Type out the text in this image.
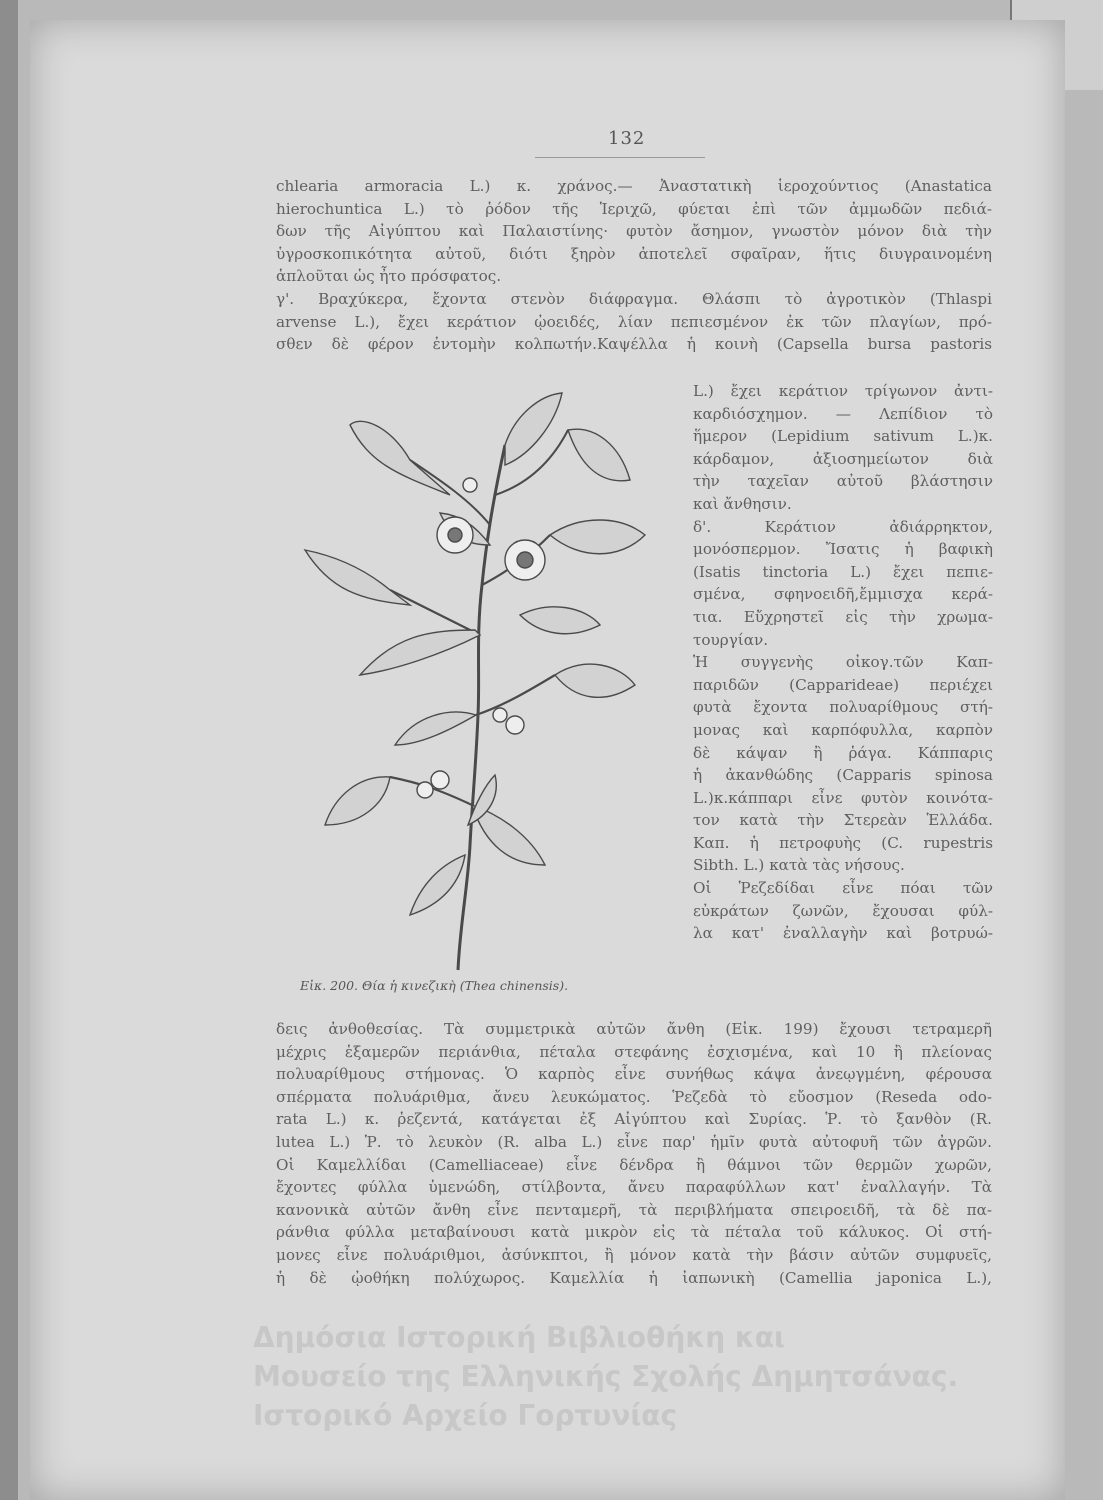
132
chlearia armoracia L.) κ. χράνος.— Ἀναστατικὴ ἱεροχούντιος (Anastatica
hierochuntica L.) τὸ ῥόδον τῆς Ἱεριχῶ, φύεται ἐπὶ τῶν ἀμμωδῶν πεδιά-
δων τῆς Αἰγύπτου καὶ Παλαιστίνης· φυτὸν ἄσημον, γνωστὸν μόνον διὰ τὴν
ὑγροσκοπικότητα αὐτοῦ, διότι ξηρὸν ἀποτελεῖ σφαῖραν, ἥτις διυγραινομένη
ἁπλοῦται ὡς ἦτο πρόσφατος.
γ'. Βραχύκερα, ἔχοντα στενὸν διάφραγμα. Θλάσπι τὸ ἀγροτικὸν (Thlaspi
arvense L.), ἔχει κεράτιον ᾠοειδές, λίαν πεπιεσμένον ἐκ τῶν πλαγίων, πρό-
σθεν δὲ φέρον ἐντομὴν κολπωτήν.Καψέλλα ἡ κοινὴ (Capsella bursa pastoris
L.) ἔχει κεράτιον τρίγωνον ἀντι-
καρδιόσχημον. — Λεπίδιον τὸ
ἥμερον (Lepidium sativum L.)κ.
κάρδαμον, ἀξιοσημείωτον διὰ
τὴν ταχεῖαν αὐτοῦ βλάστησιν
καὶ ἄνθησιν.
δ'. Κεράτιον ἀδιάρρηκτον,
μονόσπερμον. Ἴσατις ἡ βαφικὴ
(Isatis tinctoria L.) ἔχει πεπιε-
σμένα, σφηνοειδῆ,ἔμμισχα κερά-
τια. Εὔχρηστεῖ εἰς τὴν χρωμα-
τουργίαν.
Ἡ συγγενὴς οἰκογ.τῶν Καπ-
παριδῶν (Capparideae) περιέχει
φυτὰ ἔχοντα πολυαρίθμους στή-
μονας καὶ καρπόφυλλα, καρπὸν
δὲ κάψαν ἢ ῥάγα. Κάππαρις
ἡ ἀκανθώδης (Capparis spinosa
L.)κ.κάππαρι εἶνε φυτὸν κοινότα-
τον κατὰ τὴν Στερεὰν Ἑλλάδα.
Καπ. ἡ πετροφυὴς (C. rupestris
Sibth. L.) κατὰ τὰς νήσους.
Οἱ Ῥεζεδίδαι εἶνε πόαι τῶν
εὐκράτων ζωνῶν, ἔχουσαι φύλ-
λα κατ' ἐναλλαγὴν καὶ βοτρυώ-
Εἰκ. 200. Θία ἡ κινεζικὴ (Thea chinensis).
δεις ἀνθοθεσίας. Τὰ συμμετρικὰ αὐτῶν ἄνθη (Εἰκ. 199) ἔχουσι τετραμερῆ
μέχρις ἑξαμερῶν περιάνθια, πέταλα στεφάνης ἐσχισμένα, καὶ 10 ἢ πλείονας
πολυαρίθμους στήμονας. Ὁ καρπὸς εἶνε συνήθως κάψα ἀνεῳγμένη, φέρουσα
σπέρματα πολυάριθμα, ἄνευ λευκώματος. Ῥεζεδὰ τὸ εὔοσμον (Reseda odo-
rata L.) κ. ῥεζεντά, κατάγεται ἐξ Αἰγύπτου καὶ Συρίας. Ῥ. τὸ ξανθὸν (R.
lutea L.) Ῥ. τὸ λευκὸν (R. alba L.) εἶνε παρ' ἡμῖν φυτὰ αὐτοφυῆ τῶν ἀγρῶν.
Οἱ Καμελλίδαι (Camelliaceae) εἶνε δένδρα ἢ θάμνοι τῶν θερμῶν χωρῶν,
ἔχοντες φύλλα ὑμενώδη, στίλβοντα, ἄνευ παραφύλλων κατ' ἐναλλαγήν. Τὰ
κανονικὰ αὐτῶν ἄνθη εἶνε πενταμερῆ, τὰ περιβλήματα σπειροειδῆ, τὰ δὲ πα-
ράνθια φύλλα μεταβαίνουσι κατὰ μικρὸν εἰς τὰ πέταλα τοῦ κάλυκος. Οἱ στή-
μονες εἶνε πολυάριθμοι, ἀσύνκπτοι, ἢ μόνον κατὰ τὴν βάσιν αὐτῶν συμφυεῖς,
ἡ δὲ ᾠοθήκη πολύχωρος. Καμελλία ἡ ἰαπωνικὴ (Camellia japonica L.),
Δημόσια Ιστορική Βιβλιοθήκη και
Μουσείο της Ελληνικής Σχολής Δημητσάνας.
Ιστορικό Αρχείο Γορτυνίας
